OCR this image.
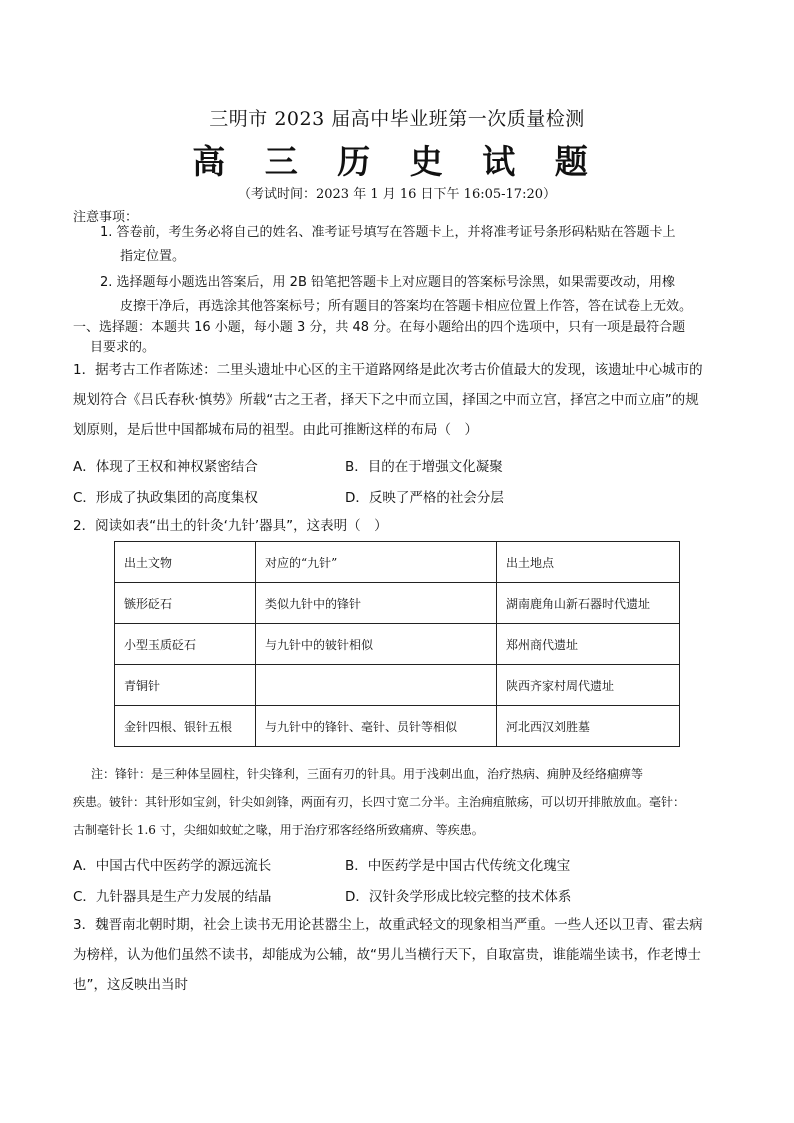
三明市 2023 届高中毕业班第一次质量检测
高 三 历 史 试 题
（考试时间：2023 年 1 月 16 日下午 16:05-17:20）
注意事项：
1. 答卷前，考生务必将自己的姓名、准考证号填写在答题卡上，并将准考证号条形码粘贴在答题卡上
指定位置。
2. 选择题每小题选出答案后，用 2B 铅笔把答题卡上对应题目的答案标号涂黑，如果需要改动，用橡
皮擦干净后，再选涂其他答案标号；所有题目的答案均在答题卡相应位置上作答，答在试卷上无效。
一、选择题：本题共 16 小题，每小题 3 分，共 48 分。在每小题给出的四个选项中，只有一项是最符合题
目要求的。
1．据考古工作者陈述：二里头遗址中心区的主干道路网络是此次考古价值最大的发现，该遗址中心城市的
规划符合《吕氏春秋·慎势》所载“古之王者，择天下之中而立国，择国之中而立宫，择宫之中而立庙”的规
划原则，是后世中国都城布局的祖型。由此可推断这样的布局（　）
A．体现了王权和神权紧密结合	B．目的在于增强文化凝聚
C．形成了执政集团的高度集权	D．反映了严格的社会分层
2．阅读如表“出土的针灸‘九针’器具”，这表明（　）
出土文物	对应的“九针”	出土地点
镞形砭石	类似九针中的锋针	湖南鹿角山新石器时代遗址
小型玉质砭石	与九针中的铍针相似	郑州商代遗址
青铜针		陕西齐家村周代遗址
金针四根、银针五根	与九针中的锋针、毫针、员针等相似	河北西汉刘胜墓
注：锋针：是三种体呈圆柱，针尖锋利，三面有刃的针具。用于浅刺出血，治疗热病、痈肿及经络痼痹等
疾患。铍针：其针形如宝剑，针尖如剑锋，两面有刃，长四寸宽二分半。主治痈疽脓疡，可以切开排脓放血。毫针：
古制毫针长 1.6 寸，尖细如蚊虻之喙，用于治疗邪客经络所致痛痹、等疾患。
A．中国古代中医药学的源远流长	B．中医药学是中国古代传统文化瑰宝
C．九针器具是生产力发展的结晶	D．汉针灸学形成比较完整的技术体系
3．魏晋南北朝时期，社会上读书无用论甚嚣尘上，故重武轻文的现象相当严重。一些人还以卫青、霍去病
为榜样，认为他们虽然不读书，却能成为公辅，故“男儿当横行天下，自取富贵，谁能端坐读书，作老博士
也”，这反映出当时
